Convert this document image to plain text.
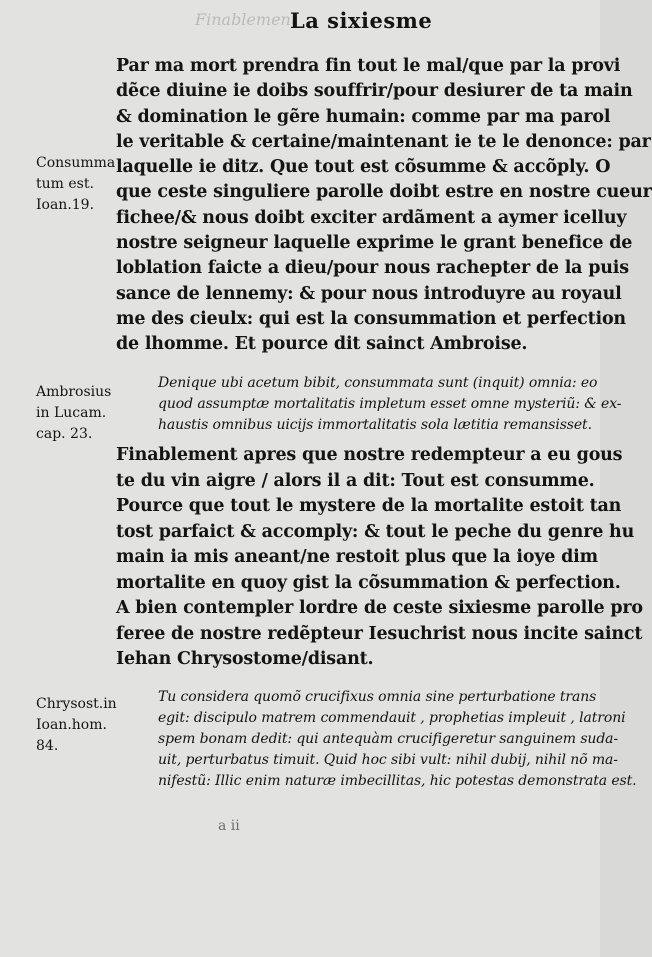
Finablement
La sixiesme
Consumma
tum est.
Ioan.19.
Ambrosius
in Lucam.
cap. 23.
Chrysost.in
Ioan.hom.
84.
Par ma mort prendra fin tout le mal/que par la provi
dẽce diuine ie doibs souffrir/pour desiurer de ta main
& domination le gẽre humain: comme par ma parol
le veritable & certaine/maintenant ie te le denonce: par
laquelle ie ditz. Que tout est cõsumme & accõply. O
que ceste singuliere parolle doibt estre en nostre cueur
fichee/& nous doibt exciter ardãment a aymer icelluy
nostre seigneur laquelle exprime le grant benefice de
loblation faicte a dieu/pour nous rachepter de la puis
sance de lennemy: & pour nous introduyre au royaul
me des cieulx: qui est la consummation et perfection
de lhomme. Et pource dit sainct Ambroise.
Denique ubi acetum bibit, consummata sunt (inquit) omnia: eo
quod assumptæ mortalitatis impletum esset omne mysteriũ: & ex-
haustis omnibus uicijs immortalitatis sola lætitia remansisset.
Finablement apres que nostre redempteur a eu gous
te du vin aigre / alors il a dit: Tout est consumme.
Pource que tout le mystere de la mortalite estoit tan
tost parfaict & accomply: & tout le peche du genre hu
main ia mis aneant/ne restoit plus que la ioye dim
mortalite en quoy gist la cõsummation & perfection.
A bien contempler lordre de ceste sixiesme parolle pro
feree de nostre redẽpteur Iesuchrist nous incite sainct
Iehan Chrysostome/disant.
Tu considera quomõ crucifixus omnia sine perturbatione trans
egit: discipulo matrem commendauit , prophetias impleuit , latroni
spem bonam dedit: qui antequàm crucifigeretur sanguinem suda-
uit, perturbatus timuit. Quid hoc sibi vult: nihil dubij, nihil nõ ma-
nifestũ: Illic enim naturæ imbecillitas, hic potestas demonstrata est.
a ii
